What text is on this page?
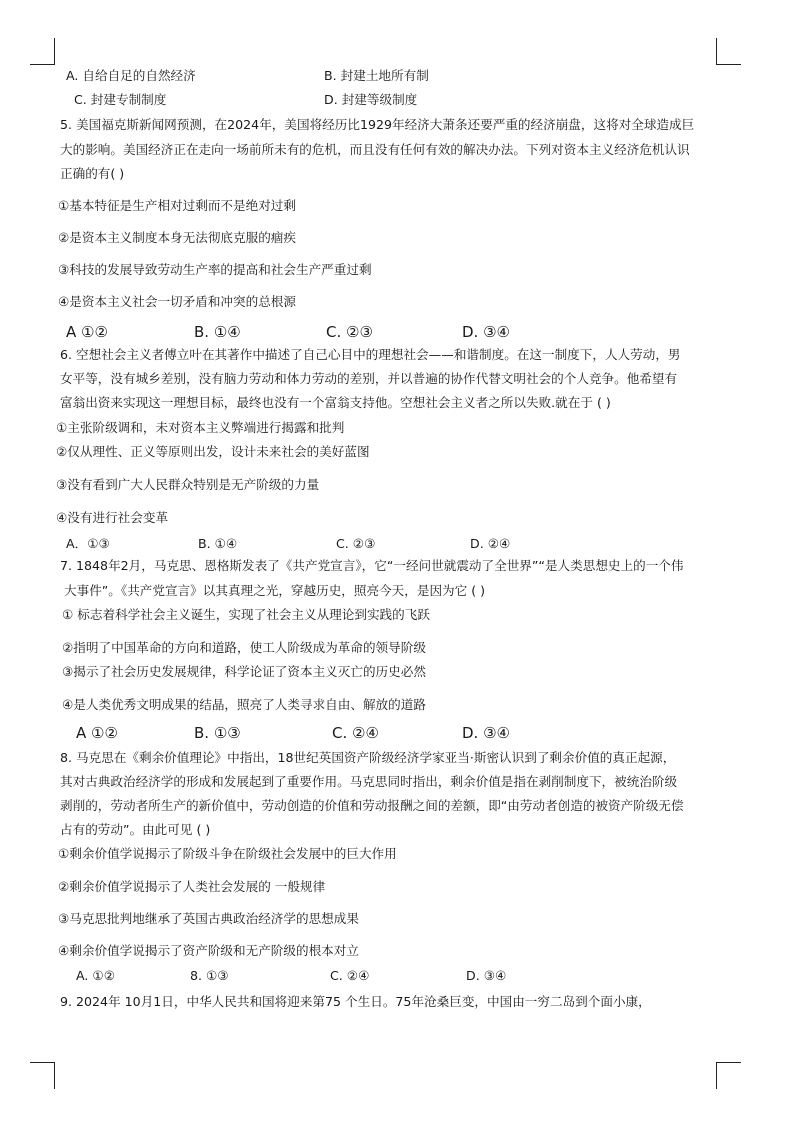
A. 自给自足的自然经济	B. 封建土地所有制
C. 封建专制制度	D. 封建等级制度
5. 美国福克斯新闻网预测，在2024年，美国将经历比1929年经济大萧条还要严重的经济崩盘，这将对全球造成巨
大的影响。美国经济正在走向一场前所未有的危机，而且没有任何有效的解决办法。下列对资本主义经济危机认识
正确的有( )
①基本特征是生产相对过剩而不是绝对过剩
②是资本主义制度本身无法彻底克服的痼疾
③科技的发展导致劳动生产率的提高和社会生产严重过剩
④是资本主义社会一切矛盾和冲突的总根源
A ①②	B. ①④	C. ②③	D. ③④
6. 空想社会主义者傅立叶在其著作中描述了自己心目中的理想社会——和谐制度。在这一制度下，人人劳动，男
女平等，没有城乡差别，没有脑力劳动和体力劳动的差别，并以普遍的协作代替文明社会的个人竞争。他希望有
富翁出资来实现这一理想目标，最终也没有一个富翁支持他。空想社会主义者之所以失败.就在于 ( )
①主张阶级调和，未对资本主义弊端进行揭露和批判
②仅从理性、正义等原则出发，设计未来社会的美好蓝图
③没有看到广大人民群众特别是无产阶级的力量
④没有进行社会变革
A．①③	B. ①④	C. ②③	D. ②④
7. 1848年2月，马克思、恩格斯发表了《共产党宣言》，它“一经问世就震动了全世界”“是人类思想史上的一个伟
大事件”。《共产党宣言》以其真理之光，穿越历史，照亮今天，是因为它 ( )
① 标志着科学社会主义诞生，实现了社会主义从理论到实践的飞跃
②指明了中国革命的方向和道路，使工人阶级成为革命的领导阶级
③揭示了社会历史发展规律，科学论证了资本主义灭亡的历史必然
④是人类优秀文明成果的结晶，照亮了人类寻求自由、解放的道路
A ①②	B. ①③	C. ②④	D. ③④
8. 马克思在《剩余价值理论》中指出，18世纪英国资产阶级经济学家亚当·斯密认识到了剩余价值的真正起源，
其对古典政治经济学的形成和发展起到了重要作用。马克思同时指出，剩余价值是指在剥削制度下，被统治阶级
剥削的，劳动者所生产的新价值中，劳动创造的价值和劳动报酬之间的差额，即“由劳动者创造的被资产阶级无偿
占有的劳动”。由此可见 ( )
①剩余价值学说揭示了阶级斗争在阶级社会发展中的巨大作用
②剩余价值学说揭示了人类社会发展的 一般规律
③马克思批判地继承了英国古典政治经济学的思想成果
④剩余价值学说揭示了资产阶级和无产阶级的根本对立
A. ①②	8. ①③	C. ②④	D. ③④
9. 2024年 10月1日，中华人民共和国将迎来第75 个生日。75年沧桑巨变，中国由一穷二岛到个面小康，
